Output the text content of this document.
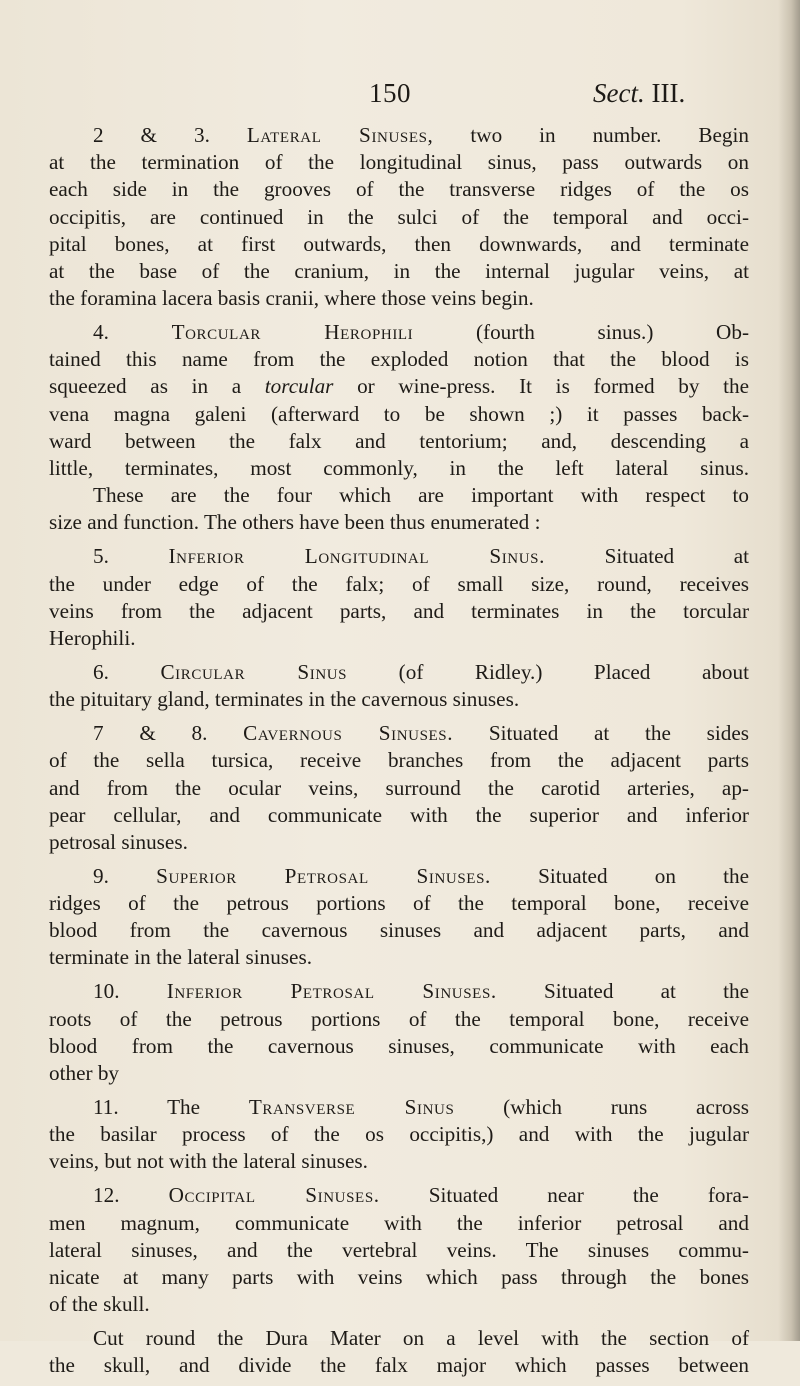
150	Sect. III.
2 & 3. Lateral Sinuses, two in number. Begin
at the termination of the longitudinal sinus, pass outwards on
each side in the grooves of the transverse ridges of the os
occipitis, are continued in the sulci of the temporal and occi-
pital bones, at first outwards, then downwards, and terminate
at the base of the cranium, in the internal jugular veins, at
the foramina lacera basis cranii, where those veins begin.
4.	Torcular Herophili (fourth sinus.) Ob-
tained this name from the exploded notion that the blood is
squeezed as in a torcular or wine-press. It is formed by the
vena magna galeni (afterward to be shown ;) it passes back-
ward between the falx and tentorium; and, descending a
little, terminates, most commonly, in the left lateral sinus.
These are the four which are important with respect to
size and function. The others have been thus enumerated :
5.	Inferior Longitudinal Sinus. Situated at
the under edge of the falx; of small size, round, receives
veins from the adjacent parts, and terminates in the torcular
Herophili.
6. Circular Sinus (of Ridley.) Placed about
the pituitary gland, terminates in the cavernous sinuses.
7 & 8. Cavernous Sinuses. Situated at the sides
of the sella tursica, receive branches from the adjacent parts
and from the ocular veins, surround the carotid arteries, ap-
pear cellular, and communicate with the superior and inferior
petrosal sinuses.
9. Superior Petrosal Sinuses. Situated on the
ridges of the petrous portions of the temporal bone, receive
blood from the cavernous sinuses and adjacent parts, and
terminate in the lateral sinuses.
10. Inferior Petrosal Sinuses. Situated at the
roots of the petrous portions of the temporal bone, receive
blood from the cavernous sinuses, communicate with each
other by
11. The Transverse Sinus (which runs across
the basilar process of the os occipitis,) and with the jugular
veins, but not with the lateral sinuses.
12. Occipital Sinuses. Situated near the fora-
men magnum, communicate with the inferior petrosal and
lateral sinuses, and the vertebral veins. The sinuses commu-
nicate at many parts with veins which pass through the bones
of the skull.
Cut round the Dura Mater on a level with the section of
the skull, and divide the falx major which passes between
